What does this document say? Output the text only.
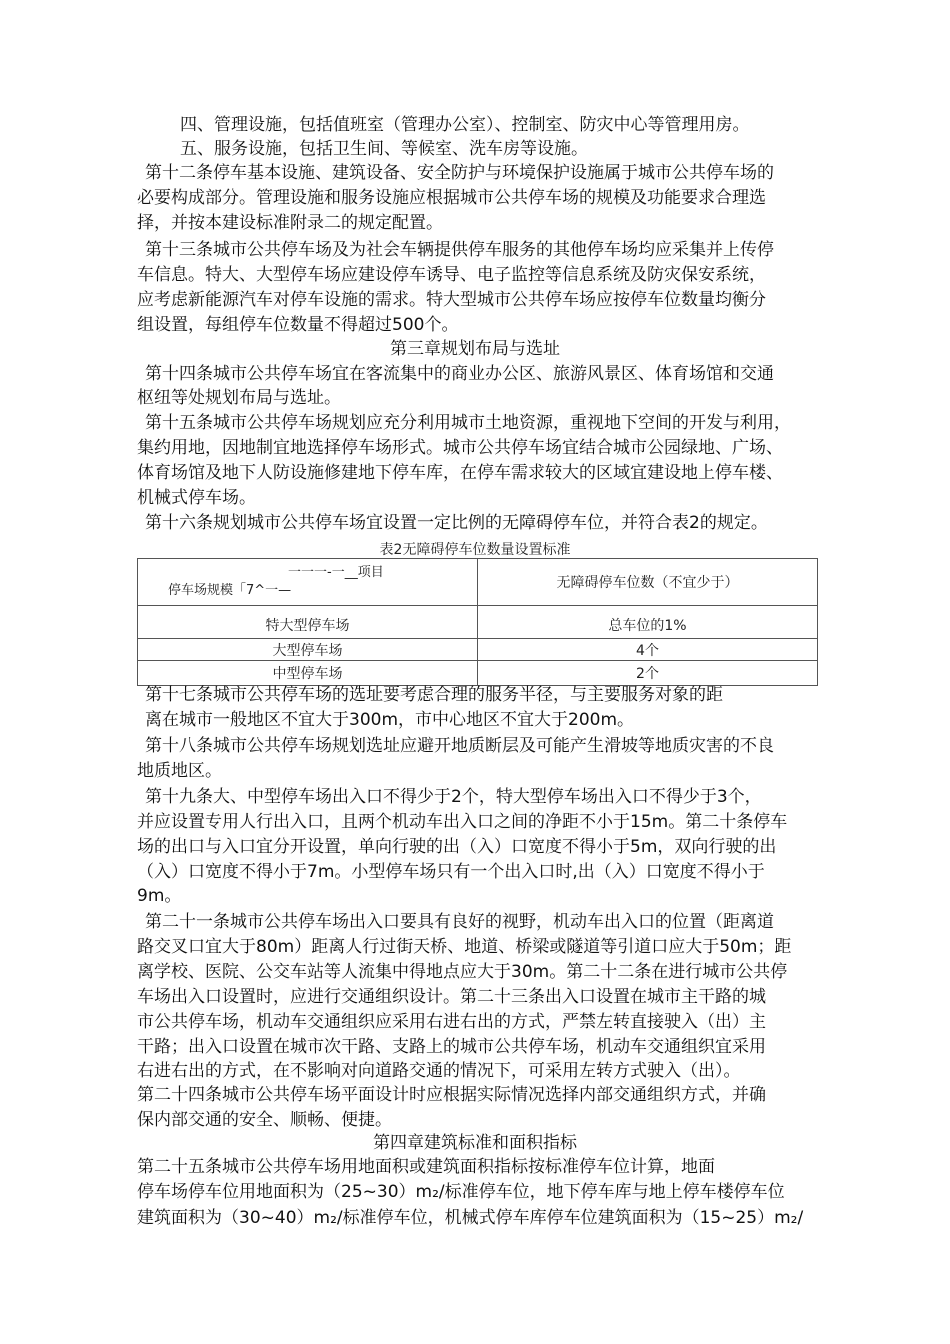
四、管理设施，包括值班室（管理办公室）、控制室、防灾中心等管理用房。
五、服务设施，包括卫生间、等候室、洗车房等设施。
第十二条停车基本设施、建筑设备、安全防护与环境保护设施属于城市公共停车场的
必要构成部分。管理设施和服务设施应根据城市公共停车场的规模及功能要求合理选
择，并按本建设标准附录二的规定配置。
第十三条城市公共停车场及为社会车辆提供停车服务的其他停车场均应采集并上传停
车信息。特大、大型停车场应建设停车诱导、电子监控等信息系统及防灾保安系统，
应考虑新能源汽车对停车设施的需求。特大型城市公共停车场应按停车位数量均衡分
组设置，每组停车位数量不得超过500个。
第三章规划布局与选址
第十四条城市公共停车场宜在客流集中的商业办公区、旅游风景区、体育场馆和交通
枢纽等处规划布局与选址。
第十五条城市公共停车场规划应充分利用城市土地资源，重视地下空间的开发与利用，
集约用地，因地制宜地选择停车场形式。城市公共停车场宜结合城市公园绿地、广场、
体育场馆及地下人防设施修建地下停车库，在停车需求较大的区域宜建设地上停车楼、
机械式停车场。
第十六条规划城市公共停车场宜设置一定比例的无障碍停车位，并符合表2的规定。
表2无障碍停车位数量设置标准
一一一-一__项目
停车场规模「7^一—	无障碍停车位数（不宜少于）
特大型停车场	总车位的1%
大型停车场	4个
中型停车场	2个
第十七条城市公共停车场的选址要考虑合理的服务半径，与主要服务对象的距
离在城市一般地区不宜大于300m，市中心地区不宜大于200m。
第十八条城市公共停车场规划选址应避开地质断层及可能产生滑坡等地质灾害的不良
地质地区。
第十九条大、中型停车场出入口不得少于2个，特大型停车场出入口不得少于3个，
并应设置专用人行出入口，且两个机动车出入口之间的净距不小于15m。第二十条停车
场的出口与入口宜分开设置，单向行驶的出（入）口宽度不得小于5m，双向行驶的出
（入）口宽度不得小于7m。小型停车场只有一个出入口时,出（入）口宽度不得小于
9m。
第二十一条城市公共停车场出入口要具有良好的视野，机动车出入口的位置（距离道
路交叉口宜大于80m）距离人行过街天桥、地道、桥梁或隧道等引道口应大于50m；距
离学校、医院、公交车站等人流集中得地点应大于30m。第二十二条在进行城市公共停
车场出入口设置时，应进行交通组织设计。第二十三条出入口设置在城市主干路的城
市公共停车场，机动车交通组织应采用右进右出的方式，严禁左转直接驶入（出）主
干路；出入口设置在城市次干路、支路上的城市公共停车场，机动车交通组织宜采用
右进右出的方式，在不影响对向道路交通的情况下，可采用左转方式驶入（出）。
第二十四条城市公共停车场平面设计时应根据实际情况选择内部交通组织方式，并确
保内部交通的安全、顺畅、便捷。
第四章建筑标准和面积指标
第二十五条城市公共停车场用地面积或建筑面积指标按标准停车位计算，地面
停车场停车位用地面积为（25~30）m₂/标准停车位，地下停车库与地上停车楼停车位
建筑面积为（30~40）m₂/标准停车位，机械式停车库停车位建筑面积为（15~25）m₂/
